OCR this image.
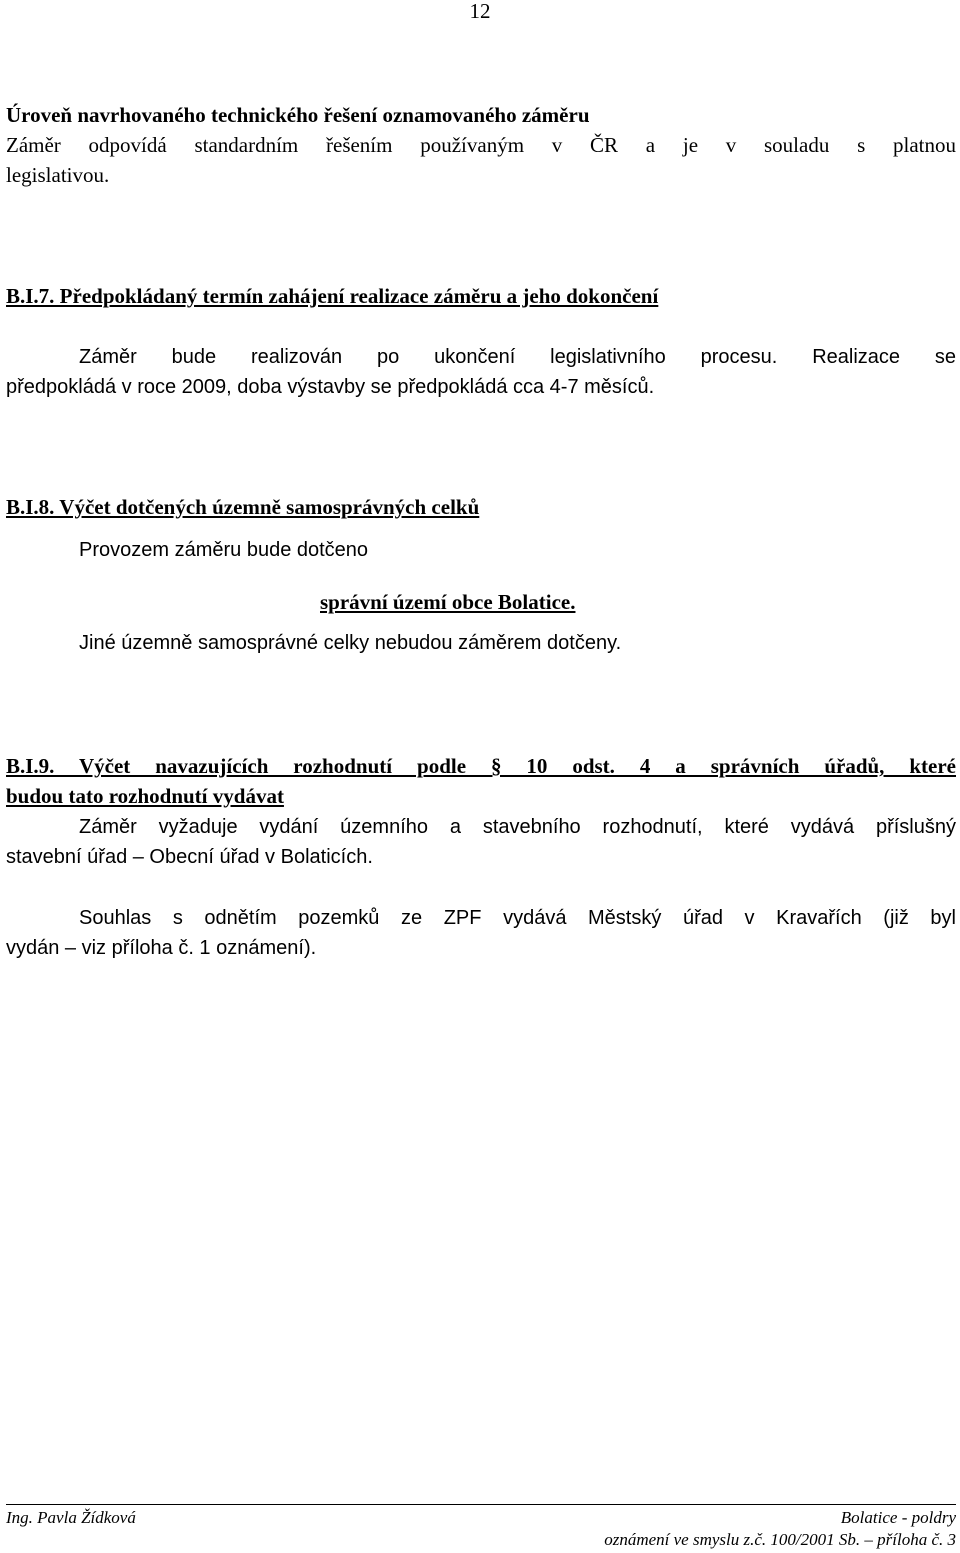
12
Úroveň navrhovaného technického řešení oznamovaného záměru
Záměr odpovídá standardním řešením používaným v ČR a je v souladu s platnou
legislativou.
B.I.7. Předpokládaný termín zahájení realizace záměru a jeho dokončení
Záměr bude realizován po ukončení legislativního procesu. Realizace se
předpokládá v roce 2009, doba výstavby se předpokládá cca 4-7 měsíců.
B.I.8. Výčet dotčených územně samosprávných celků
Provozem záměru bude dotčeno
správní území obce Bolatice.
Jiné územně samosprávné celky nebudou záměrem dotčeny.
B.I.9. Výčet navazujících rozhodnutí podle § 10 odst. 4 a správních úřadů, které
budou tato rozhodnutí vydávat
Záměr vyžaduje vydání územního a stavebního rozhodnutí, které vydává příslušný
stavební úřad – Obecní úřad v Bolaticích.
Souhlas s odnětím pozemků ze ZPF vydává Městský úřad v Kravařích (již byl
vydán – viz příloha č. 1 oznámení).
Ing. Pavla Žídková	Bolatice - poldry
oznámení ve smyslu z.č. 100/2001 Sb. – příloha č. 3
